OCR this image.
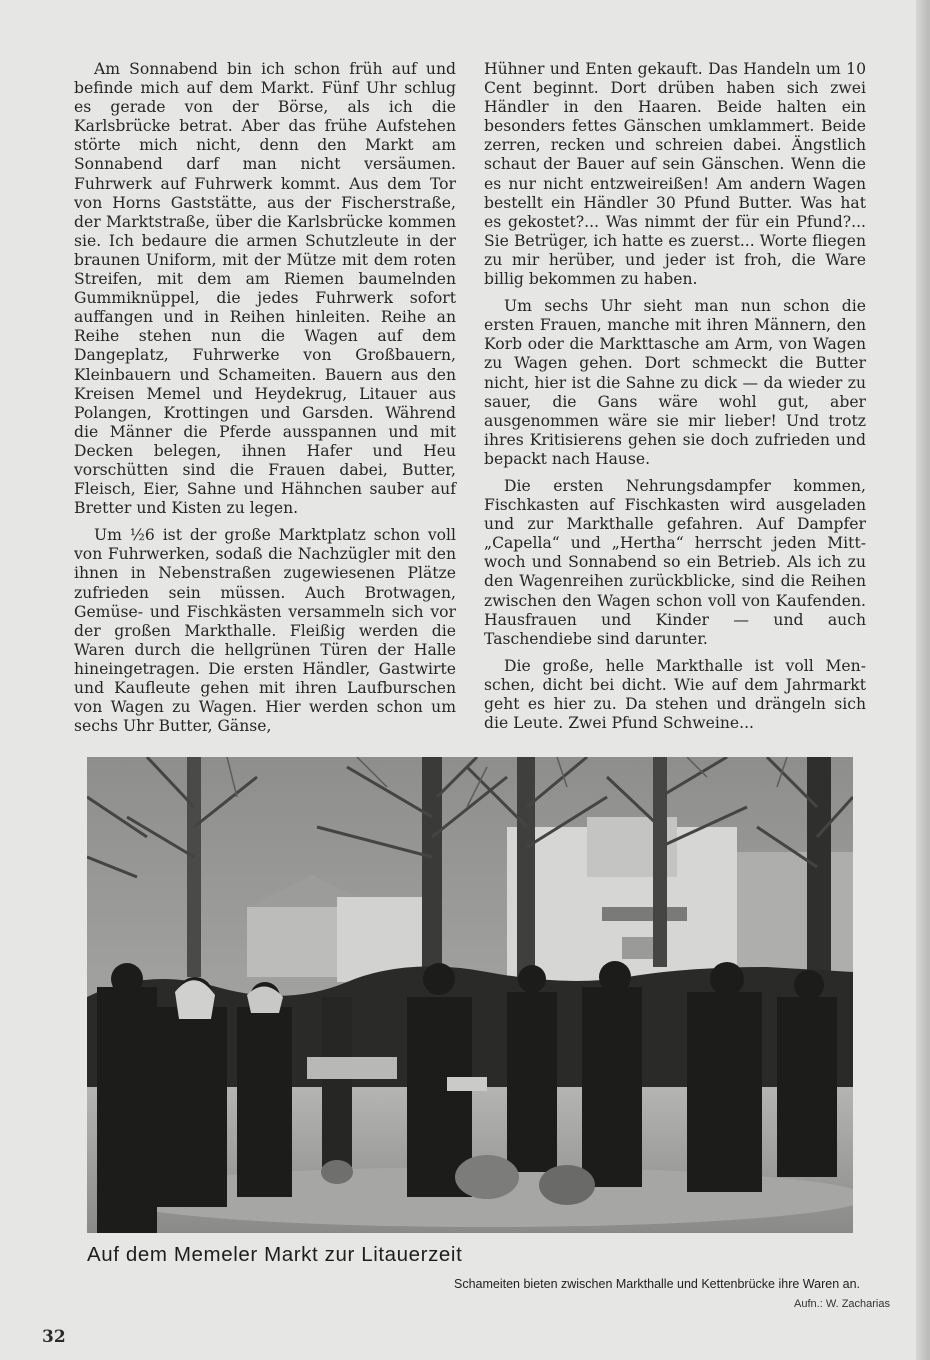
Am Sonnabend bin ich schon früh auf und befinde mich auf dem Markt. Fünf Uhr schlug es gerade von der Börse, als ich die Karlsbrücke betrat. Aber das frühe Aufstehen störte mich nicht, denn den Markt am Sonnabend darf man nicht versäumen. Fuhrwerk auf Fuhrwerk kommt. Aus dem Tor von Horns Gaststätte, aus der Fischerstraße, der Marktstraße, über die Karlsbrücke kommen sie. Ich bedaure die armen Schutzleute in der braunen Uniform, mit der Mütze mit dem roten Streifen, mit dem am Riemen baumelnden Gummiknüppel, die jedes Fuhrwerk sofort auffangen und in Reihen hinleiten. Reihe an Reihe stehen nun die Wagen auf dem Dangeplatz, Fuhrwerke von Großbauern, Kleinbauern und Schameiten. Bauern aus den Kreisen Memel und Heydekrug, Litauer aus Polangen, Krottingen und Garsden. Während die Männer die Pferde ausspannen und mit Decken belegen, ihnen Hafer und Heu vorschütten sind die Frauen dabei, Butter, Fleisch, Eier, Sahne und Hähnchen sauber auf Bretter und Kisten zu legen.

Um ½6 ist der große Marktplatz schon voll von Fuhrwerken, sodaß die Nachzügler mit den ihnen in Nebenstraßen zugewiesenen Plätze zufrieden sein müssen. Auch Brotwagen, Gemüse- und Fischkästen versammeln sich vor der großen Markthalle. Fleißig werden die Waren durch die hellgrünen Türen der Halle hineingetragen. Die ersten Händler, Gastwirte und Kaufleute gehen mit ihren Laufburschen von Wagen zu Wagen. Hier werden schon um sechs Uhr Butter, Gänse,

Hühner und Enten gekauft. Das Handeln um 10 Cent beginnt. Dort drüben haben sich zwei Händler in den Haaren. Beide halten ein besonders fettes Gänschen umklammert. Beide zerren, recken und schreien dabei. Ängstlich schaut der Bauer auf sein Gänschen. Wenn die es nur nicht entzweireißen! Am andern Wagen bestellt ein Händler 30 Pfund Butter. Was hat es gekostet?... Was nimmt der für ein Pfund?... Sie Betrüger, ich hatte es zuerst... Worte fliegen zu mir herüber, und jeder ist froh, die Ware billig bekommen zu haben.

Um sechs Uhr sieht man nun schon die ersten Frauen, manche mit ihren Männern, den Korb oder die Markttasche am Arm, von Wagen zu Wagen gehen. Dort schmeckt die Butter nicht, hier ist die Sahne zu dick — da wieder zu sauer, die Gans wäre wohl gut, aber ausgenommen wäre sie mir lieber! Und trotz ihres Kritisierens gehen sie doch zufrieden und bepackt nach Hause.

Die ersten Nehrungsdampfer kommen, Fischkasten auf Fischkasten wird ausgeladen und zur Markthalle gefahren. Auf Dampfer „Capella“ und „Hertha“ herrscht jeden Mittwoch und Sonnabend so ein Betrieb. Als ich zu den Wagenreihen zurückblicke, sind die Reihen zwischen den Wagen schon voll von Kaufenden. Hausfrauen und Kinder — und auch Taschendiebe sind darunter.

Die große, helle Markthalle ist voll Menschen, dicht bei dicht. Wie auf dem Jahrmarkt geht es hier zu. Da stehen und drängeln sich die Leute. Zwei Pfund Schweine...

Auf dem Memeler Markt zur Litauerzeit
Schameiten bieten zwischen Markthalle und Kettenbrücke ihre Waren an.
Aufn.: W. Zacharias
32
